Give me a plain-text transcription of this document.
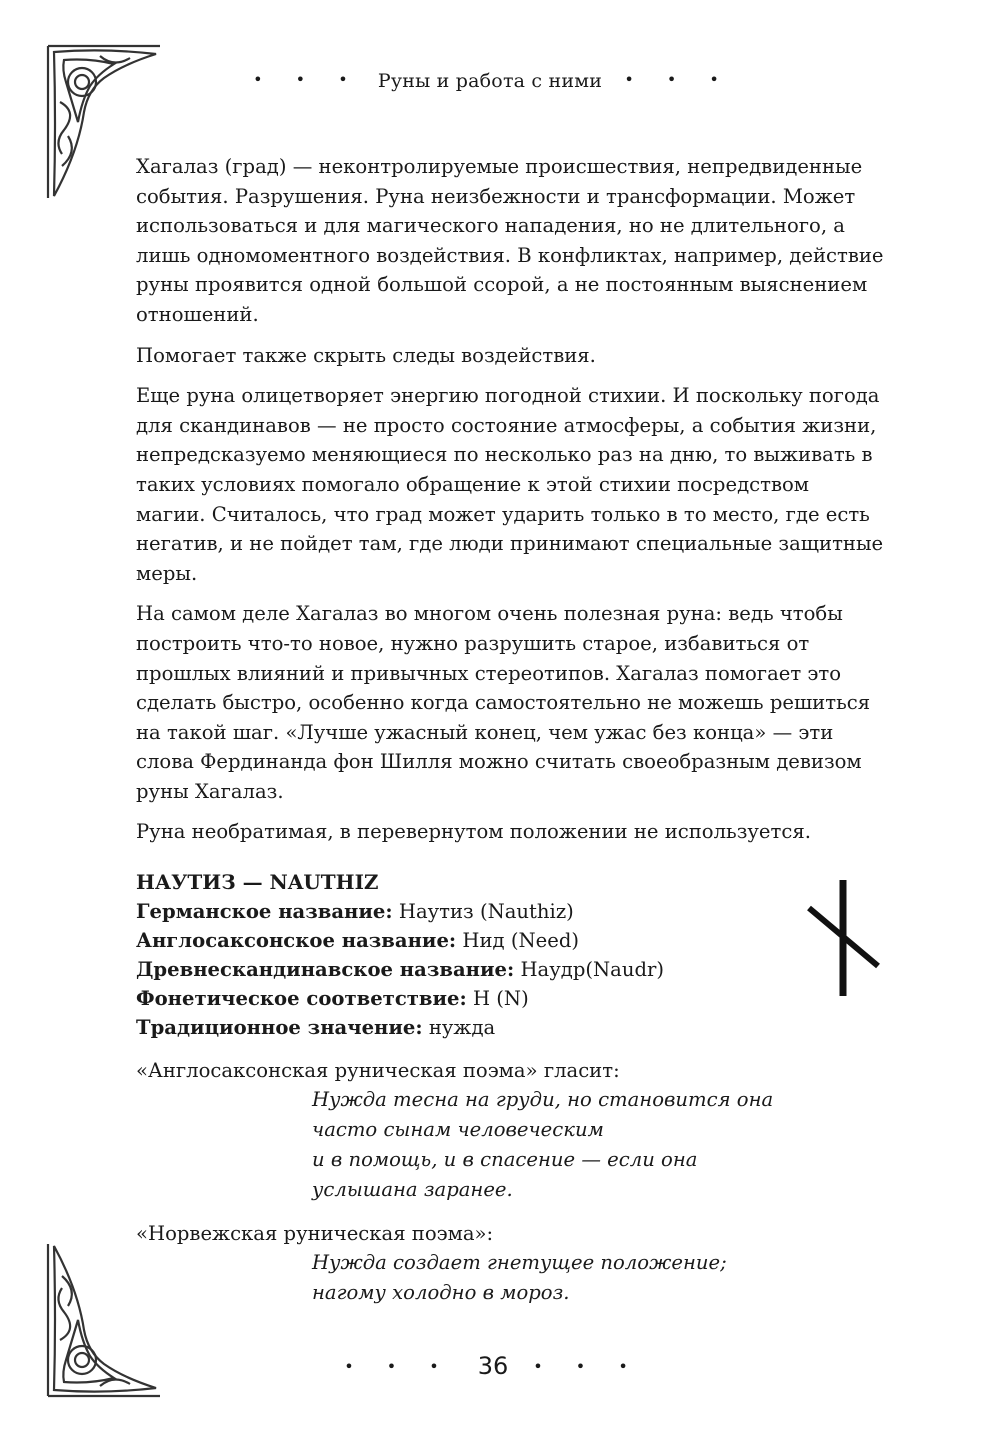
• • • Руны и работа с ними • • •

Хагалаз (град) — неконтролируемые происшествия, непредвиденные события. Разрушения. Руна неизбежности и трансформации. Может использоваться и для магического нападения, но не длительного, а лишь одномоментного воздействия. В конфликтах, например, действие руны проявится одной большой ссорой, а не постоянным выяснением отношений.

Помогает также скрыть следы воздействия.

Еще руна олицетворяет энергию погодной стихии. И поскольку погода для скандинавов — не просто состояние атмосферы, а события жизни, непредсказуемо меняющиеся по несколько раз на дню, то выживать в таких условиях помогало обращение к этой стихии посредством магии. Считалось, что град может ударить только в то место, где есть негатив, и не пойдет там, где люди принимают специальные защитные меры.

На самом деле Хагалаз во многом очень полезная руна: ведь чтобы построить что-то новое, нужно разрушить старое, избавиться от прошлых влияний и привычных стереотипов. Хагалаз помогает это сделать быстро, особенно когда самостоятельно не можешь решиться на такой шаг. «Лучше ужасный конец, чем ужас без конца» — эти слова Фердинанда фон Шилля можно считать своеобразным девизом руны Хагалаз.

Руна необратимая, в перевернутом положении не используется.

НАУТИЗ — NAUTHIZ
Германское название: Наутиз (Nauthiz)
Англосаксонское название: Нид (Need)
Древнескандинавское название: Наудр(Naudr)
Фонетическое соответствие: Н (N)
Традиционное значение: нужда
«Англосаксонская руническая поэма» гласит:
Нужда тесна на груди, но становится она
часто сынам человеческим
и в помощь, и в спасение — если она
услышана заранее.
«Норвежская руническая поэма»:
Нужда создает гнетущее положение;
нагому холодно в мороз.
• • • 36 • • •
